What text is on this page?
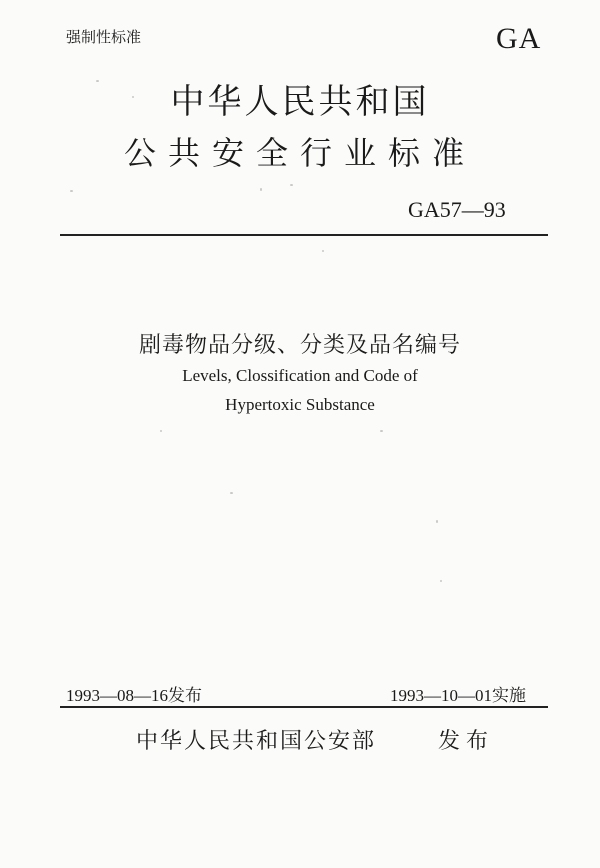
强制性标准	GA
中华人民共和国
公共安全行业标准
GA57—93
剧毒物品分级、分类及品名编号
Levels, Clossification and Code of
Hypertoxic Substance
1993—08—16发布	1993—10—01实施
中华人民共和国公安部	发布
